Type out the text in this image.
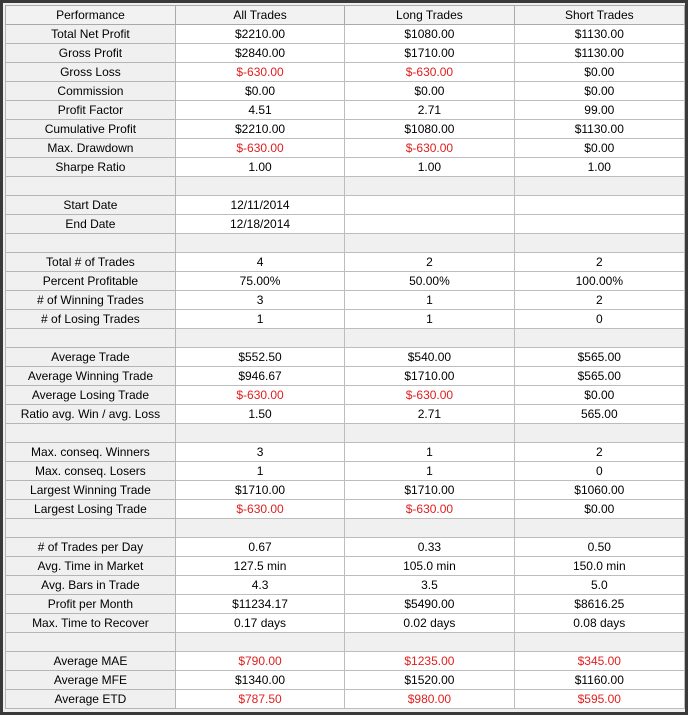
Performance	All Trades	Long Trades	Short Trades
Total Net Profit	$2210.00	$1080.00	$1130.00
Gross Profit	$2840.00	$1710.00	$1130.00
Gross Loss	$-630.00	$-630.00	$0.00
Commission	$0.00	$0.00	$0.00
Profit Factor	4.51	2.71	99.00
Cumulative Profit	$2210.00	$1080.00	$1130.00
Max. Drawdown	$-630.00	$-630.00	$0.00
Sharpe Ratio	1.00	1.00	1.00

Start Date	12/11/2014		
End Date	12/18/2014		

Total # of Trades	4	2	2
Percent Profitable	75.00%	50.00%	100.00%
# of Winning Trades	3	1	2
# of Losing Trades	1	1	0

Average Trade	$552.50	$540.00	$565.00
Average Winning Trade	$946.67	$1710.00	$565.00
Average Losing Trade	$-630.00	$-630.00	$0.00
Ratio avg. Win / avg. Loss	1.50	2.71	565.00

Max. conseq. Winners	3	1	2
Max. conseq. Losers	1	1	0
Largest Winning Trade	$1710.00	$1710.00	$1060.00
Largest Losing Trade	$-630.00	$-630.00	$0.00

# of Trades per Day	0.67	0.33	0.50
Avg. Time in Market	127.5 min	105.0 min	150.0 min
Avg. Bars in Trade	4.3	3.5	5.0
Profit per Month	$11234.17	$5490.00	$8616.25
Max. Time to Recover	0.17 days	0.02 days	0.08 days

Average MAE	$790.00	$1235.00	$345.00
Average MFE	$1340.00	$1520.00	$1160.00
Average ETD	$787.50	$980.00	$595.00
